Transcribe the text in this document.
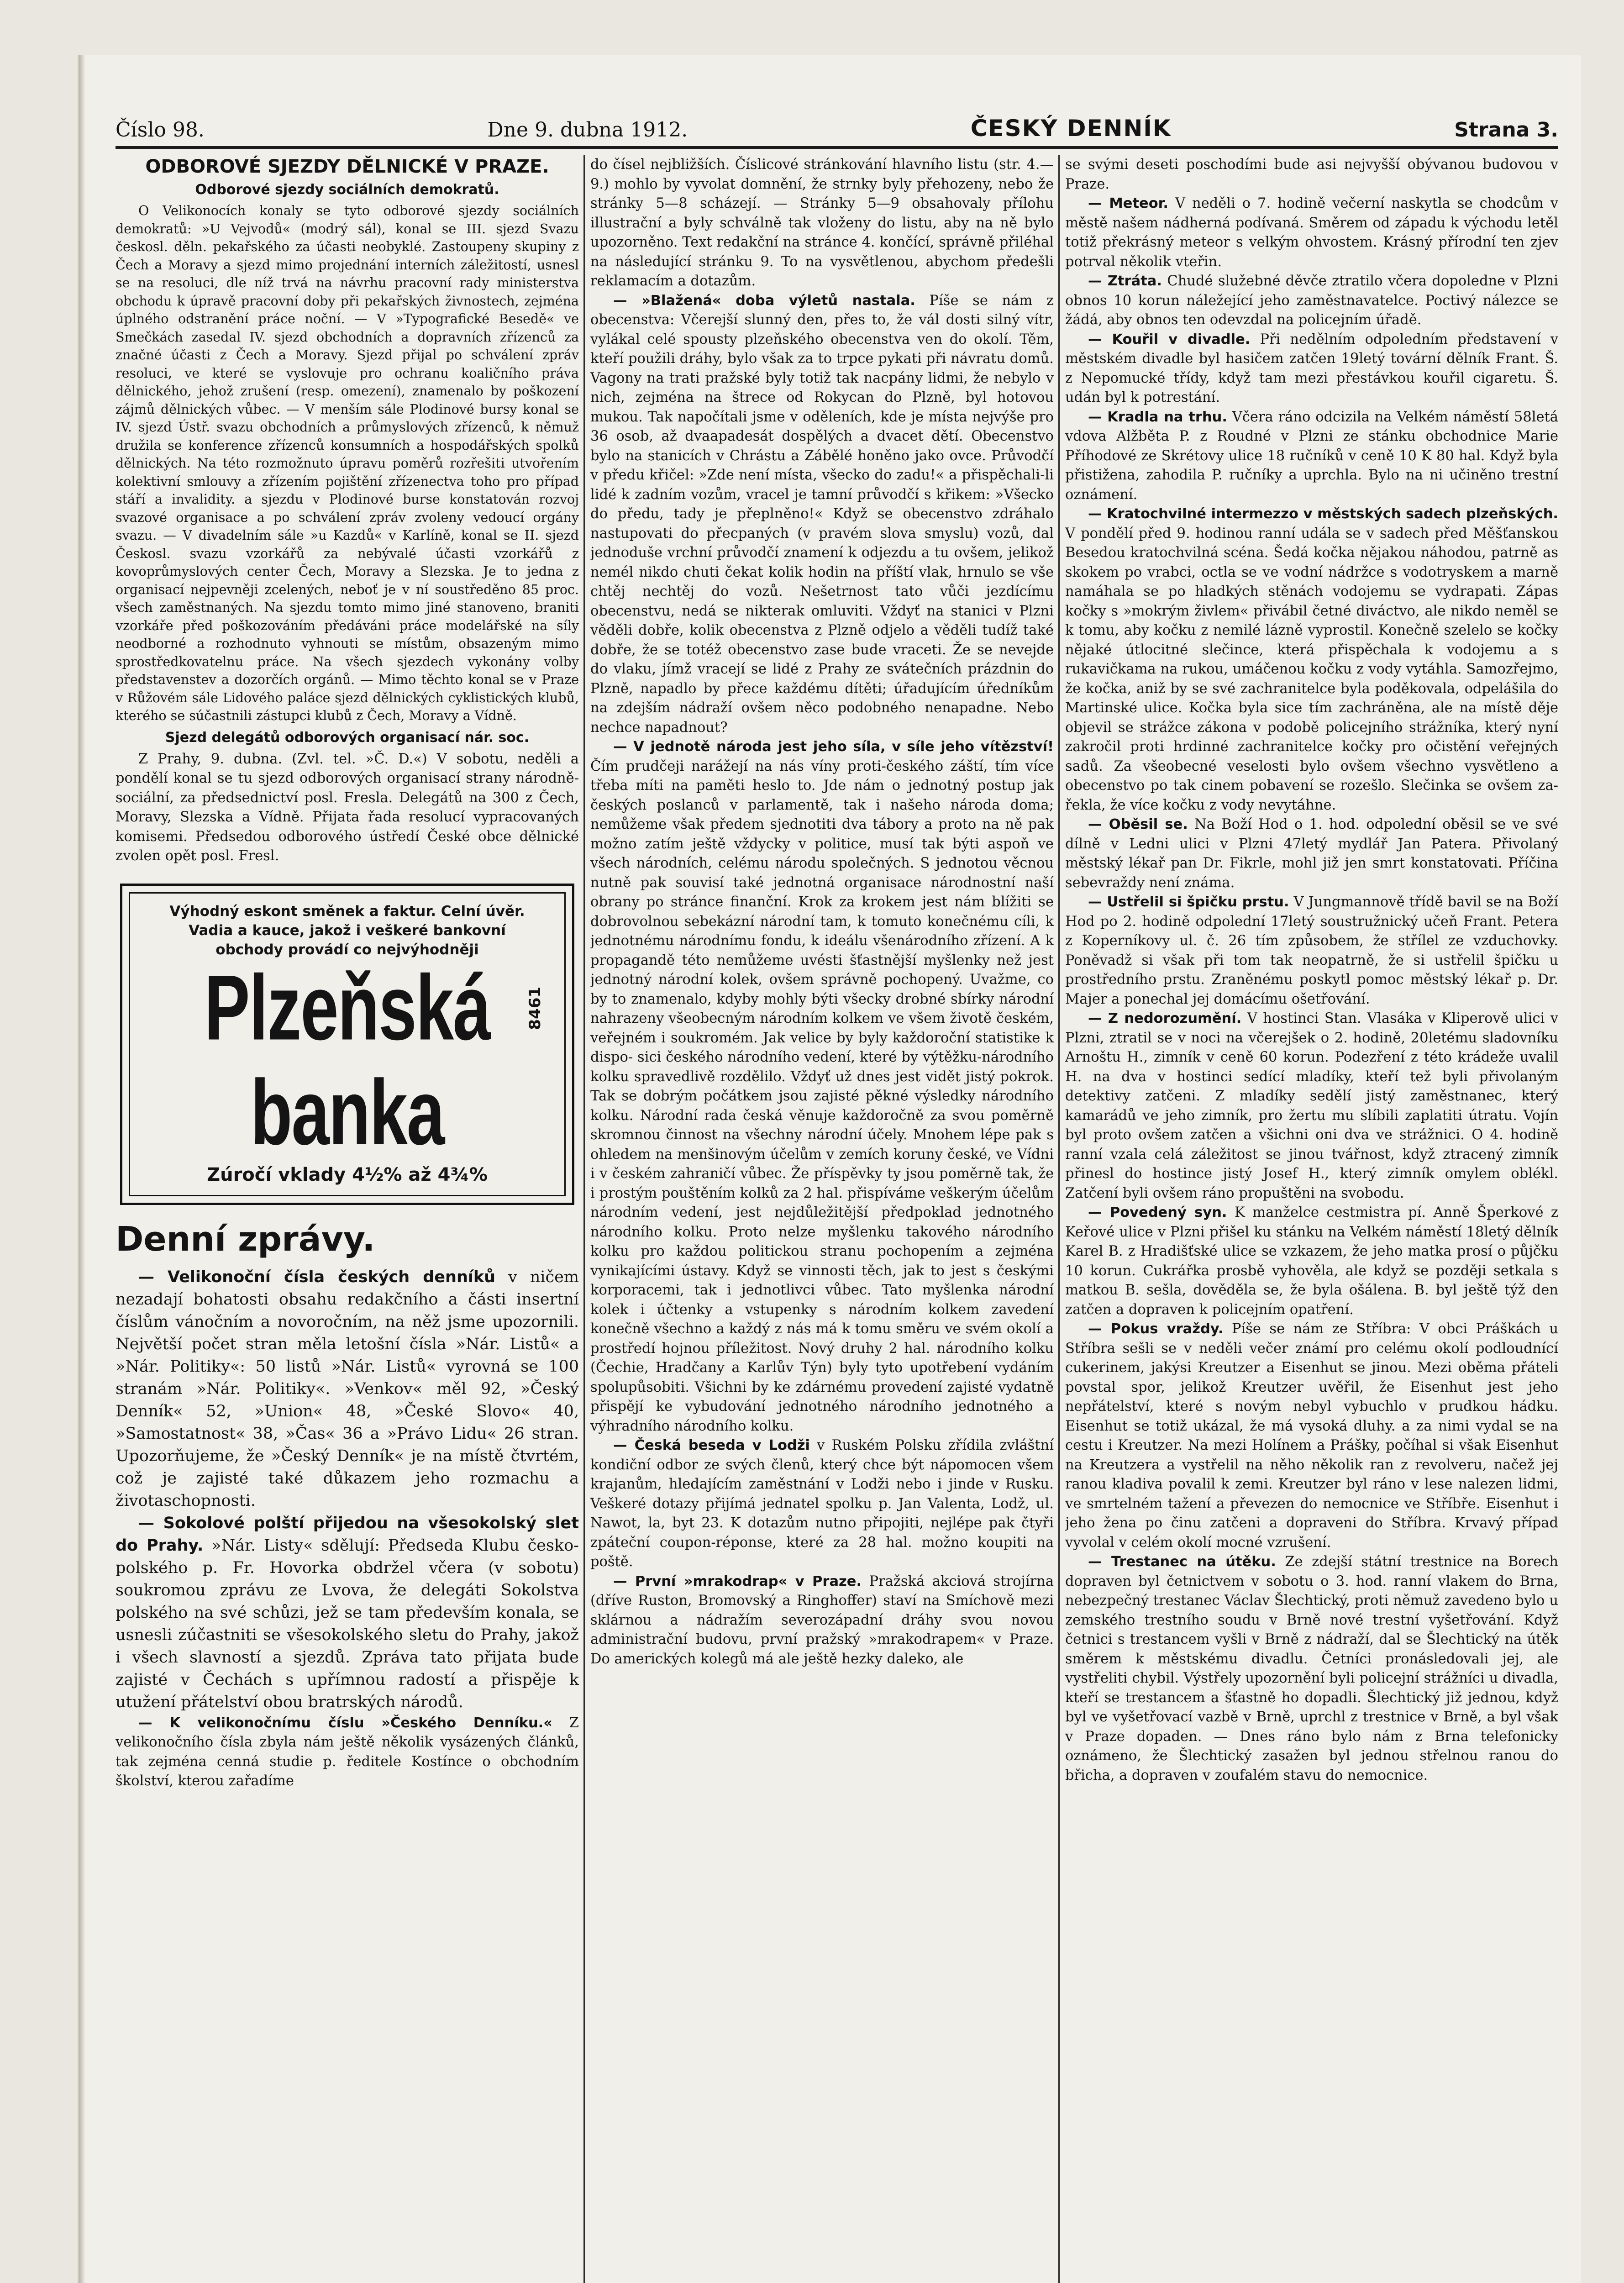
Číslo 98.	Dne 9. dubna 1912.	ČESKÝ DENNÍK	Strana 3.
ODBOROVÉ SJEZDY DĚLNICKÉ V PRAZE.
Odborové sjezdy sociálních demokratů.

O Velikonocích konaly se tyto odborové sjezdy sociálních demokratů: »U Vejvodů« (modrý sál), konal se III. sjezd Svazu českosl. děln. pekařského za účasti neobyklé. Zastoupeny skupiny z Čech a Moravy a sjezd mimo projednání interních záležitostí, usnesl se na resoluci, dle níž trvá na návrhu pracovní rady ministerstva obchodu k úpravě pracovní doby při pekařských živnostech, zejména úplného odstranění práce noční. — V »Typografické Besedě« ve Smečkách zasedal IV. sjezd obchodních a dopravních zřízenců za značné účasti z Čech a Moravy. Sjezd přijal po schválení zpráv resoluci, ve které se vyslovuje pro ochranu koaličního práva dělnického, jehož zrušení (resp. omezení), znamenalo by poškození zájmů dělnických vůbec. — V menším sále Plodinové bursy konal se IV. sjezd Ústř. svazu obchodních a průmyslových zřízenců, k němuž družila se konference zřízenců konsumních a hospodářských spolků dělnických. Na této rozmožnuto úpravu poměrů rozřešiti utvořením kolektivní smlouvy a zřízením pojištění zřízenectva toho pro případ stáří a invalidity. a sjezdu v Plodinové burse konstatován rozvoj svazové organisace a po schválení zpráv zvoleny vedoucí orgány svazu. — V divadelním sále »u Kazdů« v Karlíně, konal se II. sjezd Českosl. svazu vzorkářů za nebývalé účasti vzorkářů z kovoprůmyslových center Čech, Moravy a Slezska. Je to jedna z organisací nejpevněji zcelených, neboť je v ní soustředěno 85 proc. všech zaměstnaných. Na sjezdu tomto mimo jiné stanoveno, braniti vzorkáře před poškozováním předáváni práce modelářské na síly neodborné a rozhodnuto vyhnouti se místům, obsazeným mimo sprostředkovatelnu práce. Na všech sjezdech vykonány volby představenstev a dozorčích orgánů. — Mimo těchto konal se v Praze v Růžovém sále Lidového paláce sjezd dělnických cyklistických klubů, kterého se súčastnili zástupci klubů z Čech, Moravy a Vídně.

Sjezd delegátů odborových organisací nár. soc.

Z Prahy, 9. dubna. (Zvl. tel. »Č. D.«) V sobotu, neděli a pondělí konal se tu sjezd odborových organisací strany národně-sociální, za předsednictví posl. Fresla. Delegátů na 300 z Čech, Moravy, Slezska a Vídně. Přijata řada resolucí vypracovaných komisemi. Předsedou odborového ústředí České obce dělnické zvolen opět posl. Fresl.

Výhodný eskont směnek a faktur. Celní úvěr. Vadia a kauce, jakož i veškeré bankovní obchody provádí co nejvýhodněji
Plzeňská banka
Zúročí vklady 4½% až 4¾%
8461
Denní zprávy.

— Velikonoční čísla českých denníků v ničem nezadají bohatosti obsahu redakčního a části insertní číslům vánočním a novoročním, na něž jsme upozornili. Největší počet stran měla letošní čísla »Nár. Listů« a »Nár. Politiky«: 50 listů »Nár. Listů« vyrovná se 100 stranám »Nár. Politiky«. »Venkov« měl 92, »Český Denník« 52, »Union« 48, »České Slovo« 40, »Samostatnost« 38, »Čas« 36 a »Právo Lidu« 26 stran. Upozorňujeme, že »Český Denník« je na místě čtvrtém, což je zajisté také důkazem jeho rozmachu a životaschopnosti.

— Sokolové polští přijedou na všesokolský slet do Prahy. »Nár. Listy« sdělují: Předseda Klubu česko-polského p. Fr. Hovorka obdržel včera (v sobotu) soukromou zprávu ze Lvova, že delegáti Sokolstva polského na své schůzi, jež se tam především konala, se usnesli zúčastniti se všesokolského sletu do Prahy, jakož i všech slavností a sjezdů. Zpráva tato přijata bude zajisté v Čechách s upřímnou radostí a přispěje k utužení přátelství obou bratrských národů.

— K velikonočnímu číslu »Českého Denníku.« Z velikonočního čísla zbyla nám ještě několik vysázených článků, tak zejména cenná studie p. ředitele Kostínce o obchodním školství, kterou zařadíme

do čísel nejbližších. Číslicové stránkování hlavního listu (str. 4.—9.) mohlo by vyvolat domnění, že strnky byly přehozeny, nebo že stránky 5—8 scházejí. — Stránky 5—9 obsahovaly přílohu illustrační a byly schválně tak vloženy do listu, aby na ně bylo upozorněno. Text redakční na stránce 4. končící, správně přiléhal na následující stránku 9. To na vysvětlenou, abychom předešli reklamacím a dotazům.

— »Blažená« doba výletů nastala. Píše se nám z obecenstva: Včerejší slunný den, přes to, že vál dosti silný vítr, vylákal celé spousty plzeňského obecenstva ven do okolí. Těm, kteří použili dráhy, bylo však za to trpce pykati při návratu domů. Vagony na trati pražské byly totiž tak nacpány lidmi, že nebylo v nich, zejména na štrece od Rokycan do Plzně, byl hotovou mukou. Tak napočítali jsme v oděleních, kde je místa nejvýše pro 36 osob, až dvaapadesát dospělých a dvacet dětí. Obecenstvo bylo na stanicích v Chrástu a Zábělé honěno jako ovce. Průvodčí v předu křičel: »Zde není místa, všecko do zadu!« a přispěchali-li lidé k zadním vozům, vracel je tamní průvodčí s křikem: »Všecko do předu, tady je přeplněno!« Když se obecenstvo zdráhalo nastupovati do přecpaných (v pravém slova smyslu) vozů, dal jednoduše vrchní průvodčí znamení k odjezdu a tu ovšem, jelikož nemél nikdo chuti čekat kolik hodin na příští vlak, hrnulo se vše chtěj nechtěj do vozů. Nešetrnost tato vůči jezdícímu obecenstvu, nedá se nikterak omluviti. Vždyť na stanici v Plzni věděli dobře, kolik obecenstva z Plzně odjelo a věděli tudíž také dobře, že se totéž obecenstvo zase bude vraceti. Že se nevejde do vlaku, jímž vracejí se lidé z Prahy ze svátečních prázdnin do Plzně, napadlo by přece každému dítěti; úřadujícím úředníkům na zdejším nádraží ovšem něco podobného nenapadne. Nebo nechce napadnout?

— V jednotě národa jest jeho síla, v síle jeho vítězství! Čím prudčeji narážejí na nás víny proti-českého záští, tím více třeba míti na paměti heslo to. Jde nám o jednotný postup jak českých poslanců v parlamentě, tak i našeho národa doma; nemůžeme však předem sjednotiti dva tábory a proto na ně pak možno zatím ještě vždycky v politice, musí tak býti aspoň ve všech národních, celému národu společných. S jednotou věcnou nutně pak souvisí také jednotná organisace národnostní naší obrany po stránce finanční. Krok za krokem jest nám blížiti se dobrovolnou sebekázní národní tam, k tomuto konečnému cíli, k jednotnému národnímu fondu, k ideálu všenárodního zřízení. A k propagandě této nemůžeme uvésti šťastnější myšlenky než jest jednotný národní kolek, ovšem správně pochopený. Uvažme, co by to znamenalo, kdyby mohly býti všecky drobné sbírky národní nahrazeny všeobecným národním kolkem ve všem životě českém, veřejném i soukromém. Jak velice by byly každoroční statistike k dispo- sici českého národního vedení, které by výtěžku-národního kolku spravedlivě rozdělilo. Vždyť už dnes jest vidět jistý pokrok. Tak se dobrým počátkem jsou zajisté pěkné výsledky národního kolku. Národní rada česká věnuje každoročně za svou poměrně skromnou činnost na všechny národní účely. Mnohem lépe pak s ohledem na menšinovým účelům v zemích koruny české, ve Vídni i v českém zahraničí vůbec. Že příspěvky ty jsou poměrně tak, že i prostým pouštěním kolků za 2 hal. přispíváme veškerým účelům národním vedení, jest nejdůležitější předpoklad jednotného národního kolku. Proto nelze myšlenku takového národního kolku pro každou politickou stranu pochopením a zejména vynikajícími ústavy. Když se vinnosti těch, jak to jest s českými korporacemi, tak i jednotlivci vůbec. Tato myšlenka národní kolek i účtenky a vstupenky s národním kolkem zavedení konečně všechno a každý z nás má k tomu směru ve svém okolí a prostředí hojnou příležitost. Nový druhy 2 hal. národního kolku (Čechie, Hradčany a Karlův Týn) byly tyto upotřebení vydáním spolupůsobiti. Všichni by ke zdárnému provedení zajisté vydatně přispějí ke vybudování jednotného národního jednotného a výhradního národního kolku.

— Česká beseda v Lodži v Ruském Polsku zřídila zvláštní kondiční odbor ze svých členů, který chce být nápomocen všem krajanům, hledajícím zaměstnání v Lodži nebo i jinde v Rusku. Veškeré dotazy přijímá jednatel spolku p. Jan Valenta, Lodž, ul. Nawot, la, byt 23. K dotazům nutno připojiti, nejlépe pak čtyři zpáteční coupon-réponse, které za 28 hal. možno koupiti na poště.

— První »mrakodrap« v Praze. Pražská akciová strojírna (dříve Ruston, Bromovský a Ringhoffer) staví na Smíchově mezi sklárnou a nádražím severozápadní dráhy svou novou administrační budovu, první pražský »mrakodrapem« v Praze. Do amerických kolegů má ale ještě hezky daleko, ale

se svými deseti poschodími bude asi nejvyšší obývanou budovou v Praze.

— Meteor. V neděli o 7. hodině večerní naskytla se chodcům v městě našem nádherná podívaná. Směrem od západu k východu letěl totiž překrásný meteor s velkým ohvostem. Krásný přírodní ten zjev potrval několik vteřin.

— Ztráta. Chudé služebné děvče ztratilo včera dopoledne v Plzni obnos 10 korun náležející jeho zaměstnavatelce. Poctivý nálezce se žádá, aby obnos ten odevzdal na policejním úřadě.

— Kouřil v divadle. Při nedělním odpoledním představení v městském divadle byl hasičem zatčen 19letý tovární dělník Frant. Š. z Nepomucké třídy, když tam mezi přestávkou kouřil cigaretu. Š. udán byl k potrestání.

— Kradla na trhu. Včera ráno odcizila na Velkém náměstí 58letá vdova Alžběta P. z Roudné v Plzni ze stánku obchodnice Marie Příhodové ze Skrétovy ulice 18 ručníků v ceně 10 K 80 hal. Když byla přistižena, zahodila P. ručníky a uprchla. Bylo na ni učiněno trestní oznámení.

— Kratochvilné intermezzo v městských sadech plzeňských. V pondělí před 9. hodinou ranní udála se v sadech před Měšťanskou Besedou kratochvilná scéna. Šedá kočka nějakou náhodou, patrně as skokem po vrabci, octla se ve vodní nádržce s vodotryskem a marně namáhala se po hladkých stěnách vodojemu se vydrapati. Zápas kočky s »mokrým živlem« přivábil četné diváctvo, ale nikdo neměl se k tomu, aby kočku z nemilé lázně vyprostil. Konečně szelelo se kočky nějaké útlocitné slečince, která přispěchala k vodojemu a s rukavičkama na rukou, umáčenou kočku z vody vytáhla. Samozřejmo, že kočka, aniž by se své zachranitelce byla poděkovala, odpelášila do Martinské ulice. Kočka byla sice tím zachráněna, ale na místě děje objevil se strážce zákona v podobě policejního strážníka, který nyní zakročil proti hrdinné zachranitelce kočky pro očistění veřejných sadů. Za všeobecné veselosti bylo ovšem všechno vysvětleno a obecenstvo po tak cinem pobavení se rozešlo. Slečinka se ovšem za- řekla, že více kočku z vody nevytáhne.

— Oběsil se. Na Boží Hod o 1. hod. odpolední oběsil se ve své dílně v Ledni ulici v Plzni 47letý mydlář Jan Patera. Přivolaný městský lékař pan Dr. Fikrle, mohl již jen smrt konstatovati. Příčina sebevraždy není známa.

— Ustřelil si špičku prstu. V Jungmannově třídě bavil se na Boží Hod po 2. hodině odpolední 17letý soustružnický učeň Frant. Petera z Koperníkovy ul. č. 26 tím způsobem, že střílel ze vzduchovky. Poněvadž si však při tom tak neopatrně, že si ustřelil špičku u prostředního prstu. Zraněnému poskytl pomoc městský lékař p. Dr. Majer a ponechal jej domácímu ošetřování.

— Z nedorozumění. V hostinci Stan. Vlasáka v Kliperově ulici v Plzni, ztratil se v noci na včerejšek o 2. hodině, 20letému sladovníku Arnoštu H., zimník v ceně 60 korun. Podezření z této krádeže uvalil H. na dva v hostinci sedící mladíky, kteří tež byli přivolaným detektivy zatčeni. Z mladíky sedělí jistý zaměstnanec, který kamarádů ve jeho zimník, pro žertu mu slíbili zaplatiti útratu. Vojín byl proto ovšem zatčen a všichni oni dva ve strážnici. O 4. hodině ranní vzala celá záležitost se jinou tvářnost, když ztracený zimník přinesl do hostince jistý Josef H., který zimník omylem oblékl. Zatčení byli ovšem ráno propuštěni na svobodu.

— Povedený syn. K manželce cestmistra pí. Anně Šperkové z Keřové ulice v Plzni přišel ku stánku na Velkém náměstí 18letý dělník Karel B. z Hradišťské ulice se vzkazem, že jeho matka prosí o půjčku 10 korun. Cukrářka prosbě vyhověla, ale když se později setkala s matkou B. sešla, dověděla se, že byla ošálena. B. byl ještě týž den zatčen a dopraven k policejním opatření.

— Pokus vraždy. Píše se nám ze Stříbra: V obci Práškách u Stříbra sešli se v neděli večer známí pro celému okolí podloudnící cukerinem, jakýsi Kreutzer a Eisenhut se jinou. Mezi oběma přáteli povstal spor, jelikož Kreutzer uvěřil, že Eisenhut jest jeho nepřátelství, které s novým nebyl vybuchlo v prudkou hádku. Eisenhut se totiž ukázal, že má vysoká dluhy. a za nimi vydal se na cestu i Kreutzer. Na mezi Holínem a Prášky, počíhal si však Eisenhut na Kreutzera a vystřelil na něho několik ran z revolveru, načež jej ranou kladiva povalil k zemi. Kreutzer byl ráno v lese nalezen lidmi, ve smrtelném tažení a převezen do nemocnice ve Stříbře. Eisenhut i jeho žena po činu zatčeni a dopraveni do Stříbra. Krvavý případ vyvolal v celém okolí mocné vzrušení.

— Trestanec na útěku. Ze zdejší státní trestnice na Borech dopraven byl četnictvem v sobotu o 3. hod. ranní vlakem do Brna, nebezpečný trestanec Václav Šlechtický, proti němuž zavedeno bylo u zemského trestního soudu v Brně nové trestní vyšetřování. Když četnici s trestancem vyšli v Brně z nádraží, dal se Šlechtický na útěk směrem k městskému divadlu. Četníci pronásledovali jej, ale vystřeliti chybil. Výstřely upozornění byli policejní strážníci u divadla, kteří se trestancem a šťastně ho dopadli. Šlechtický již jednou, když byl ve vyšetřovací vazbě v Brně, uprchl z trestnice v Brně, a byl však v Praze dopaden. — Dnes ráno bylo nám z Brna telefonicky oznámeno, že Šlechtický zasažen byl jednou střelnou ranou do břicha, a dopraven v zoufalém stavu do nemocnice.
